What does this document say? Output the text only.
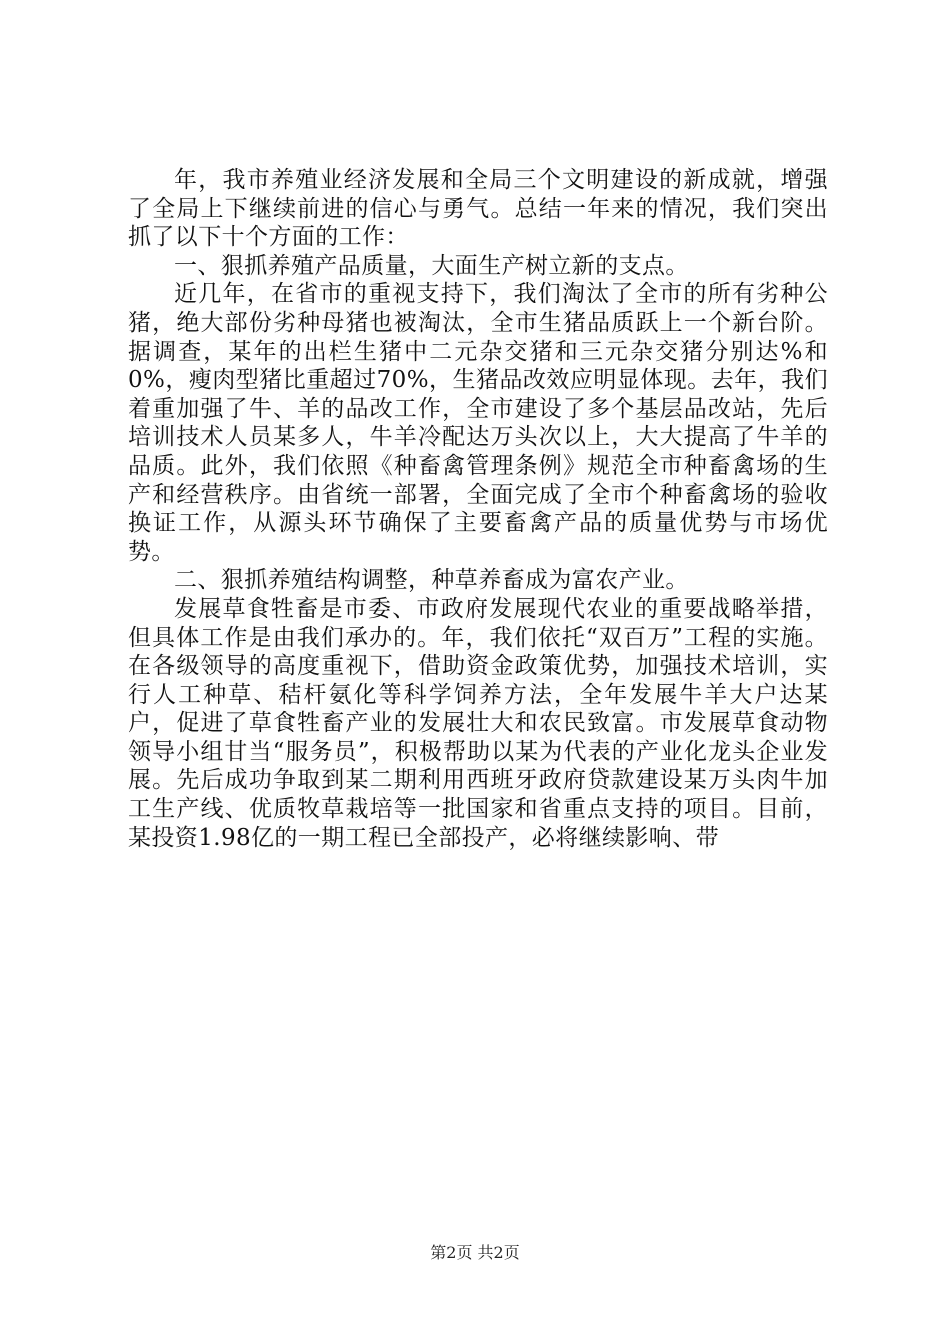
年，我市养殖业经济发展和全局三个文明建设的新成就，增强了全局上下继续前进的信心与勇气。总结一年来的情况，我们突出抓了以下十个方面的工作：

一、狠抓养殖产品质量，大面生产树立新的支点。

近几年，在省市的重视支持下，我们淘汰了全市的所有劣种公猪，绝大部份劣种母猪也被淘汰，全市生猪品质跃上一个新台阶。据调查，某年的出栏生猪中二元杂交猪和三元杂交猪分别达%和0%，瘦肉型猪比重超过70%，生猪品改效应明显体现。去年，我们着重加强了牛、羊的品改工作，全市建设了多个基层品改站，先后培训技术人员某多人，牛羊冷配达万头次以上，大大提高了牛羊的品质。此外，我们依照《种畜禽管理条例》规范全市种畜禽场的生产和经营秩序。由省统一部署，全面完成了全市个种畜禽场的验收换证工作，从源头环节确保了主要畜禽产品的质量优势与市场优势。

二、狠抓养殖结构调整，种草养畜成为富农产业。

发展草食牲畜是市委、市政府发展现代农业的重要战略举措，但具体工作是由我们承办的。年，我们依托“双百万”工程的实施。在各级领导的高度重视下，借助资金政策优势，加强技术培训，实行人工种草、秸杆氨化等科学饲养方法，全年发展牛羊大户达某户，促进了草食牲畜产业的发展壮大和农民致富。市发展草食动物领导小组甘当“服务员”，积极帮助以某为代表的产业化龙头企业发展。先后成功争取到某二期利用西班牙政府贷款建设某万头肉牛加工生产线、优质牧草栽培等一批国家和省重点支持的项目。目前，某投资1.98亿的一期工程已全部投产，必将继续影响、带

第2页 共2页
